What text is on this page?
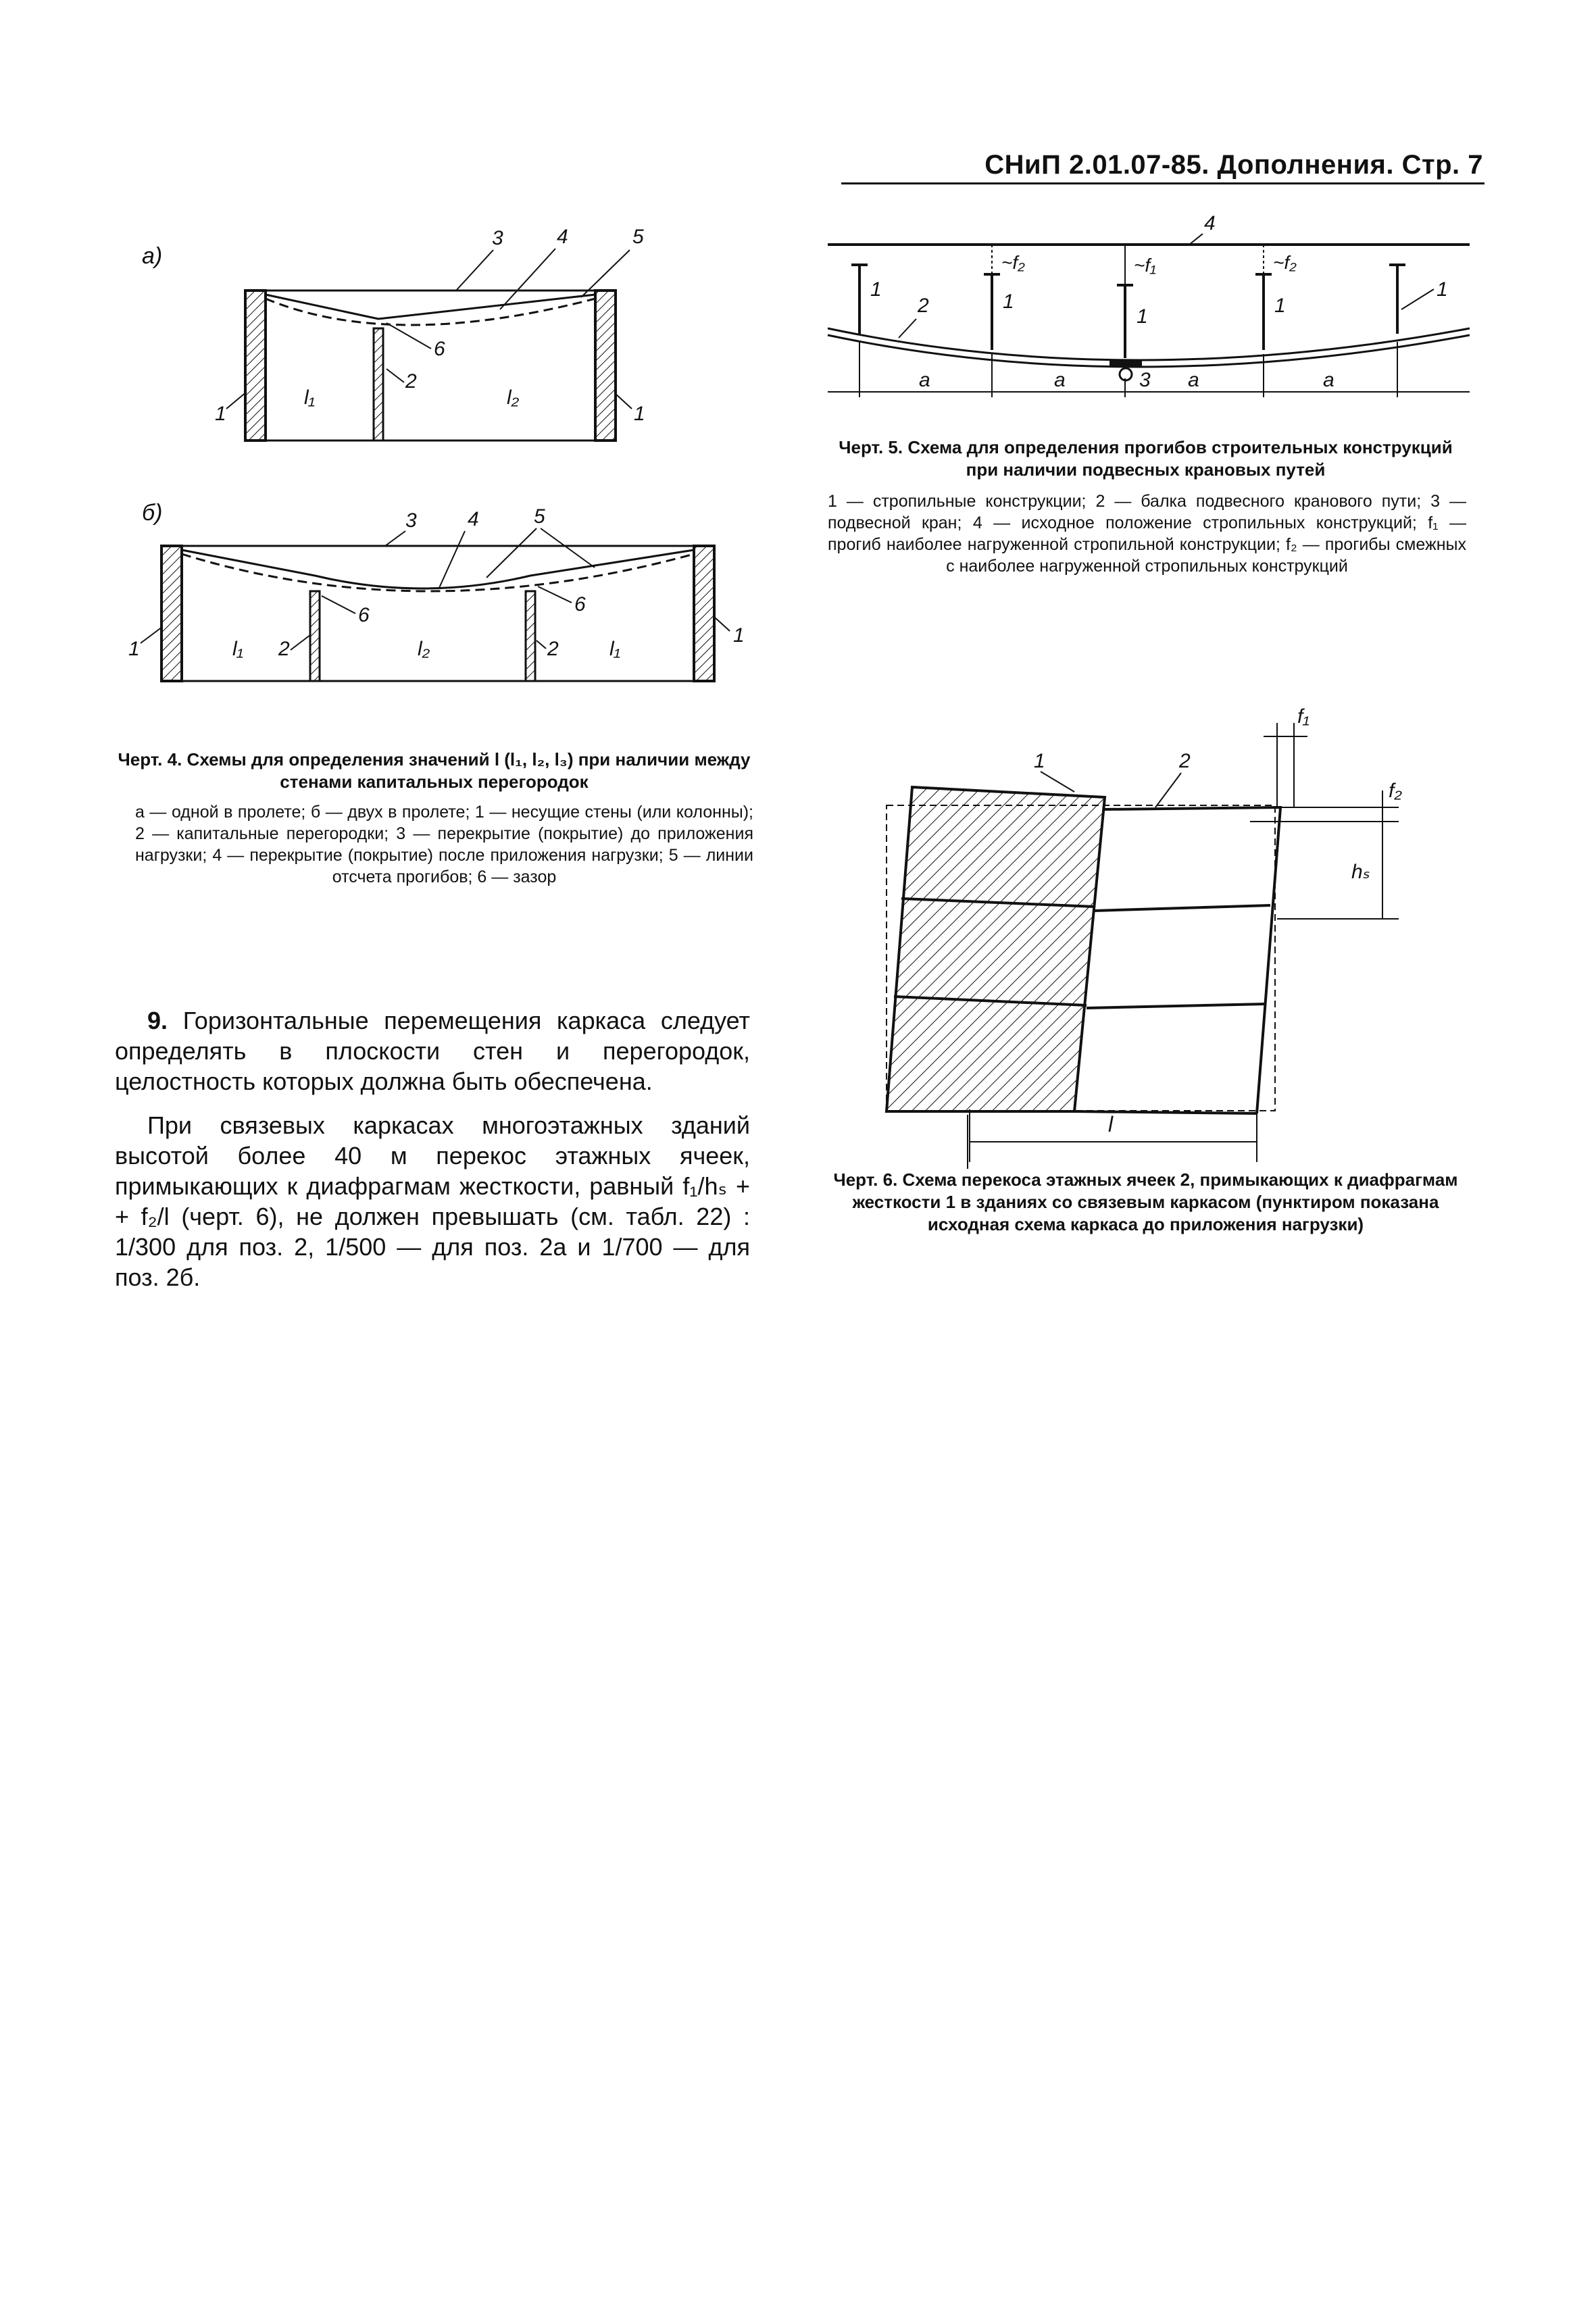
СНиП 2.01.07-85. Дополнения. Стр. 7
а)
l₁	l₂
3	4	5
6
2
1	1
б)
l₁	l₂	l₁
3	4	5
6	6
2	2
1
1
Черт. 4. Схемы для определения значений l (l₁, l₂, l₃) при наличии между стенами капитальных перегородок
а — одной в пролете; б — двух в пролете; 1 — несущие стены (или колонны); 2 — капитальные перегородки; 3 — перекрытие (покрытие) до приложения нагрузки; 4 — перекрытие (покрытие) после приложения нагрузки; 5 — линии отсчета прогибов; 6 — зазор
4
~f₂	~f₁	~f₂
1
1
1	1
1
2
3
a	a	a	a
Черт. 5. Схема для определения прогибов строительных конструкций при наличии подвесных крановых путей
1 — стропильные конструкции; 2 — балка подвесного кранового пути; 3 — подвесной кран; 4 — исходное положение стропильных конструкций; f₁ — прогиб наиболее нагруженной стропильной конструкции; f₂ — прогибы смежных с наиболее нагруженной стропильных конструкций
f₁
f₂
hₛ
l
1	2
Черт. 6. Схема перекоса этажных ячеек 2, примыкающих к диафрагмам жесткости 1 в зданиях со связевым каркасом (пунктиром показана исходная схема каркаса до приложения нагрузки)

9. Горизонтальные перемещения каркаса следует определять в плоскости стен и перегородок, целостность которых должна быть обеспечена.

При связевых каркасах многоэтажных зданий высотой более 40 м перекос этажных ячеек, примыкающих к диафрагмам жесткости, равный f₁/hₛ + + f₂/l (черт. 6), не должен превышать (см. табл. 22) : 1/300 для поз. 2, 1/500 — для поз. 2а и 1/700 — для поз. 2б.
